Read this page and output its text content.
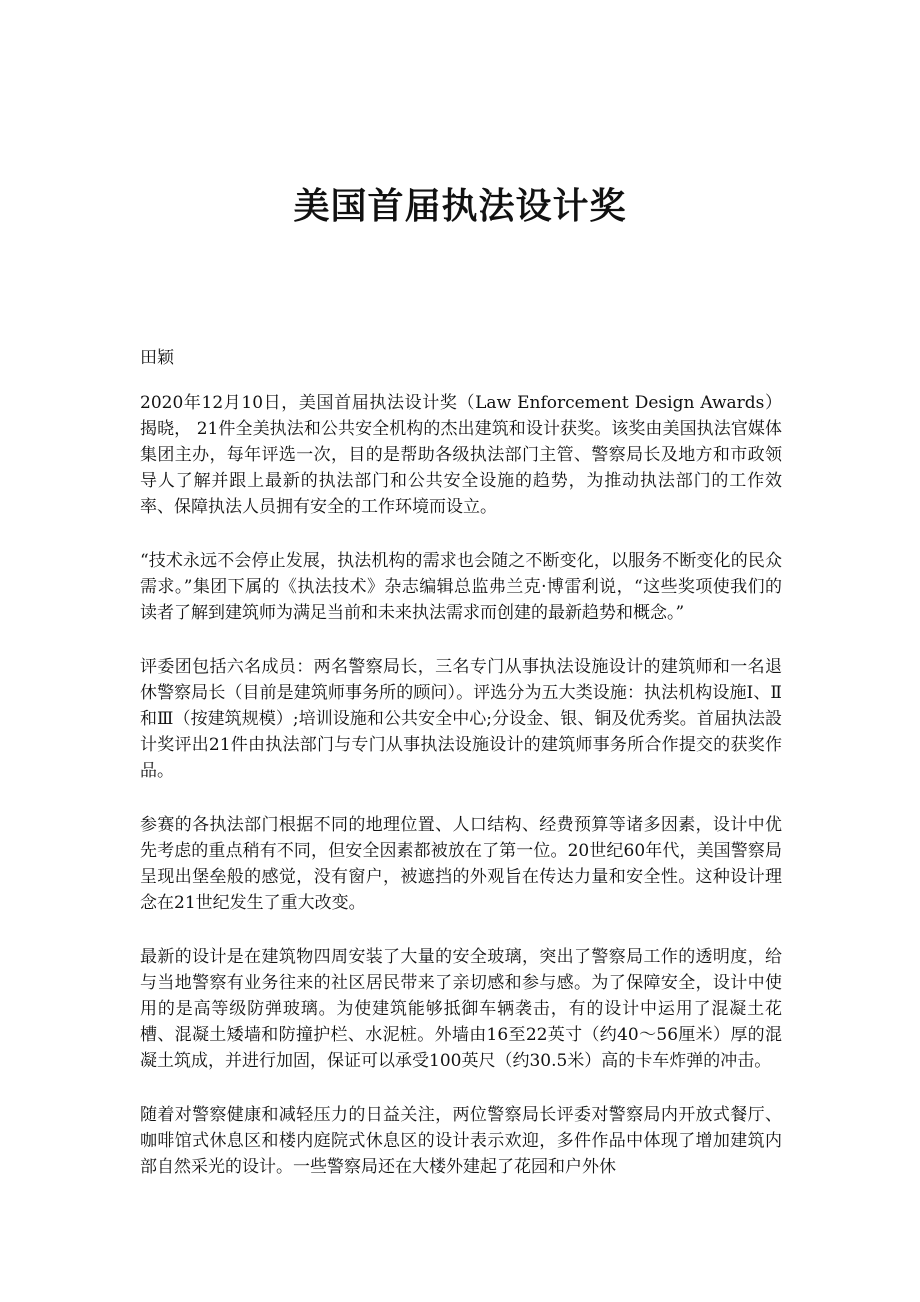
美国首届执法设计奖

田颖

2020年12月10日，美国首届执法设计奖（Law Enforcement Design Awards）揭晓， 21件全美执法和公共安全机构的杰出建筑和设计获奖。该奖由美国执法官媒体集团主办，每年评选一次，目的是帮助各级执法部门主管、警察局长及地方和市政领导人了解并跟上最新的执法部门和公共安全设施的趋势，为推动执法部门的工作效率、保障执法人员拥有安全的工作环境而设立。

“技术永远不会停止发展，执法机构的需求也会随之不断变化，以服务不断变化的民众需求。”集团下属的《执法技术》杂志编辑总监弗兰克·博雷利说，“这些奖项使我们的读者了解到建筑师为满足当前和未来执法需求而创建的最新趋势和概念。”

评委团包括六名成员：两名警察局长，三名专门从事执法设施设计的建筑师和一名退休警察局长（目前是建筑师事务所的顾问）。评选分为五大类设施：执法机构设施Ⅰ、Ⅱ和Ⅲ（按建筑规模）;培训设施和公共安全中心;分设金、银、铜及优秀奖。首届执法設计奖评出21件由执法部门与专门从事执法设施设计的建筑师事务所合作提交的获奖作品。

参赛的各执法部门根据不同的地理位置、人口结构、经费预算等诸多因素，设计中优先考虑的重点稍有不同，但安全因素都被放在了第一位。20世纪60年代，美国警察局呈现出堡垒般的感觉，没有窗户，被遮挡的外观旨在传达力量和安全性。这种设计理念在21世纪发生了重大改变。

最新的设计是在建筑物四周安装了大量的安全玻璃，突出了警察局工作的透明度，给与当地警察有业务往来的社区居民带来了亲切感和参与感。为了保障安全，设计中使用的是高等级防弹玻璃。为使建筑能够抵御车辆袭击，有的设计中运用了混凝土花槽、混凝土矮墙和防撞护栏、水泥桩。外墙由16至22英寸（约40～56厘米）厚的混凝土筑成，并进行加固，保证可以承受100英尺（约30.5米）高的卡车炸弹的冲击。

随着对警察健康和减轻压力的日益关注，两位警察局长评委对警察局内开放式餐厅、咖啡馆式休息区和楼内庭院式休息区的设计表示欢迎，多件作品中体现了增加建筑内部自然采光的设计。一些警察局还在大楼外建起了花园和户外休
